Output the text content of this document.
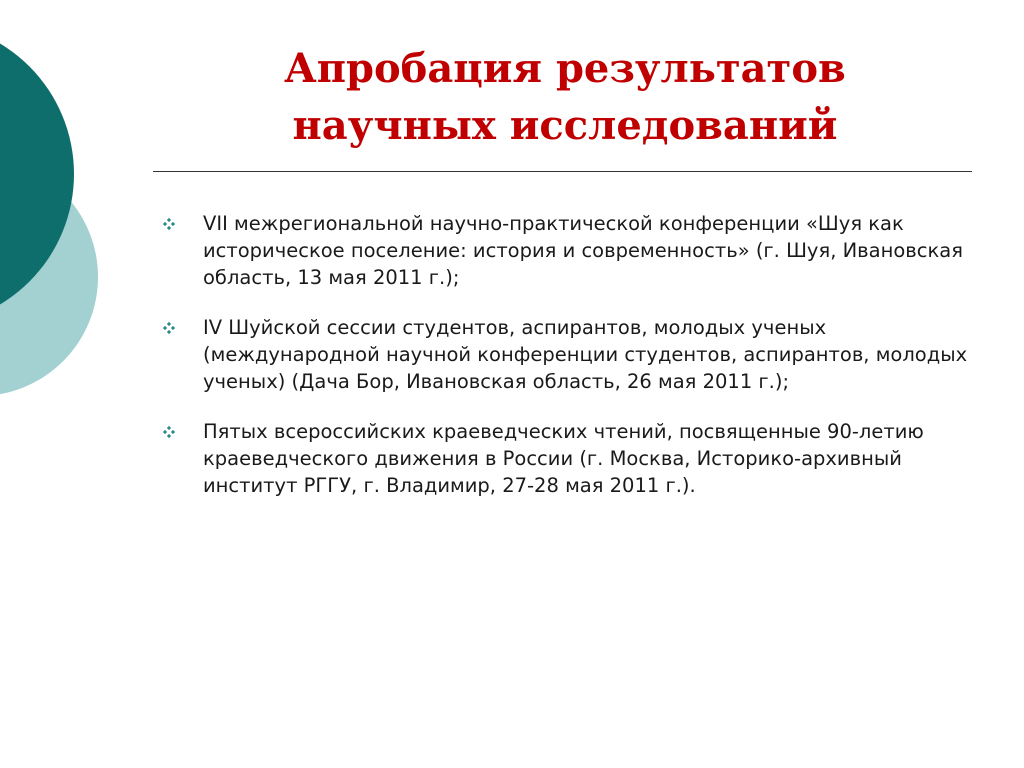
Апробация результатов
научных исследований
VII межрегиональной научно-практической конференции «Шуя как историческое поселение: история и современность» (г. Шуя, Ивановская область, 13 мая 2011 г.);
IV Шуйской сессии студентов, аспирантов, молодых ученых (международной научной конференции студентов, аспирантов, молодых ученых) (Дача Бор, Ивановская область, 26 мая 2011 г.);
Пятых всероссийских краеведческих чтений, посвященные 90-летию краеведческого движения в России (г. Москва, Историко-архивный институт РГГУ, г. Владимир, 27-28 мая 2011 г.).
